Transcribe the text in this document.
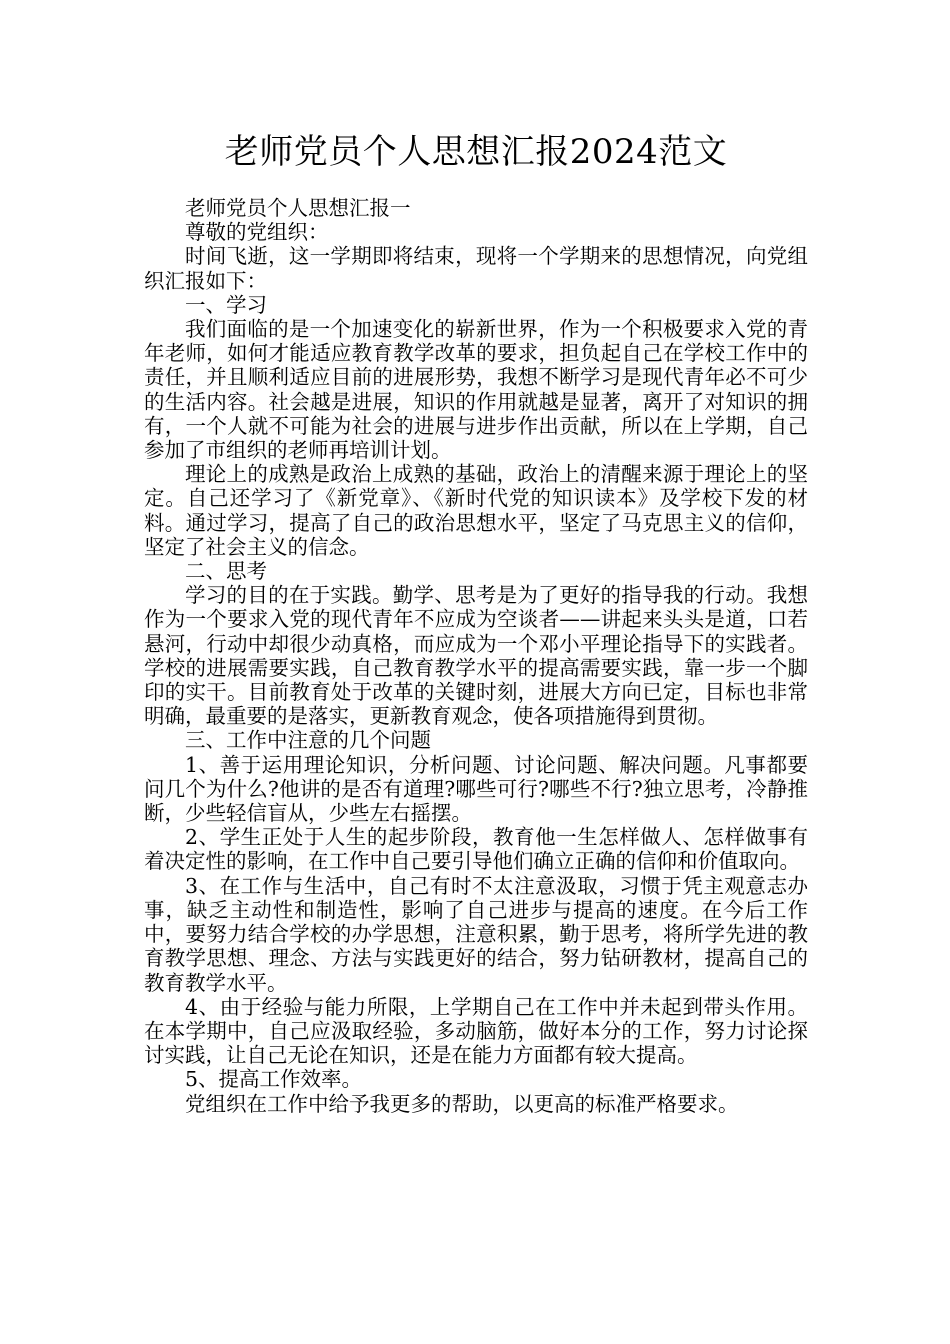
老师党员个人思想汇报2024范文

老师党员个人思想汇报一

尊敬的党组织：

时间飞逝，这一学期即将结束，现将一个学期来的思想情况，向党组织汇报如下：

一、学习

我们面临的是一个加速变化的崭新世界，作为一个积极要求入党的青年老师，如何才能适应教育教学改革的要求，担负起自己在学校工作中的责任，并且顺利适应目前的进展形势，我想不断学习是现代青年必不可少的生活内容。社会越是进展，知识的作用就越是显著，离开了对知识的拥有，一个人就不可能为社会的进展与进步作出贡献，所以在上学期，自己参加了市组织的老师再培训计划。

理论上的成熟是政治上成熟的基础，政治上的清醒来源于理论上的坚定。自己还学习了《新党章》、《新时代党的知识读本》及学校下发的材料。通过学习，提高了自己的政治思想水平，坚定了马克思主义的信仰，坚定了社会主义的信念。

二、思考

学习的目的在于实践。勤学、思考是为了更好的指导我的行动。我想作为一个要求入党的现代青年不应成为空谈者——讲起来头头是道，口若悬河，行动中却很少动真格，而应成为一个邓小平理论指导下的实践者。学校的进展需要实践，自己教育教学水平的提高需要实践，靠一步一个脚印的实干。目前教育处于改革的关键时刻，进展大方向已定，目标也非常明确，最重要的是落实，更新教育观念，使各项措施得到贯彻。

三、工作中注意的几个问题

1、善于运用理论知识，分析问题、讨论问题、解决问题。凡事都要问几个为什么?他讲的是否有道理?哪些可行?哪些不行?独立思考，冷静推断，少些轻信盲从，少些左右摇摆。

2、学生正处于人生的起步阶段，教育他一生怎样做人、怎样做事有着决定性的影响，在工作中自己要引导他们确立正确的信仰和价值取向。

3、在工作与生活中，自己有时不太注意汲取，习惯于凭主观意志办事，缺乏主动性和制造性，影响了自己进步与提高的速度。在今后工作中，要努力结合学校的办学思想，注意积累，勤于思考，将所学先进的教育教学思想、理念、方法与实践更好的结合，努力钻研教材，提高自己的教育教学水平。

4、由于经验与能力所限，上学期自己在工作中并未起到带头作用。在本学期中，自己应汲取经验，多动脑筋，做好本分的工作，努力讨论探讨实践，让自己无论在知识，还是在能力方面都有较大提高。

5、提高工作效率。

党组织在工作中给予我更多的帮助，以更高的标准严格要求。
